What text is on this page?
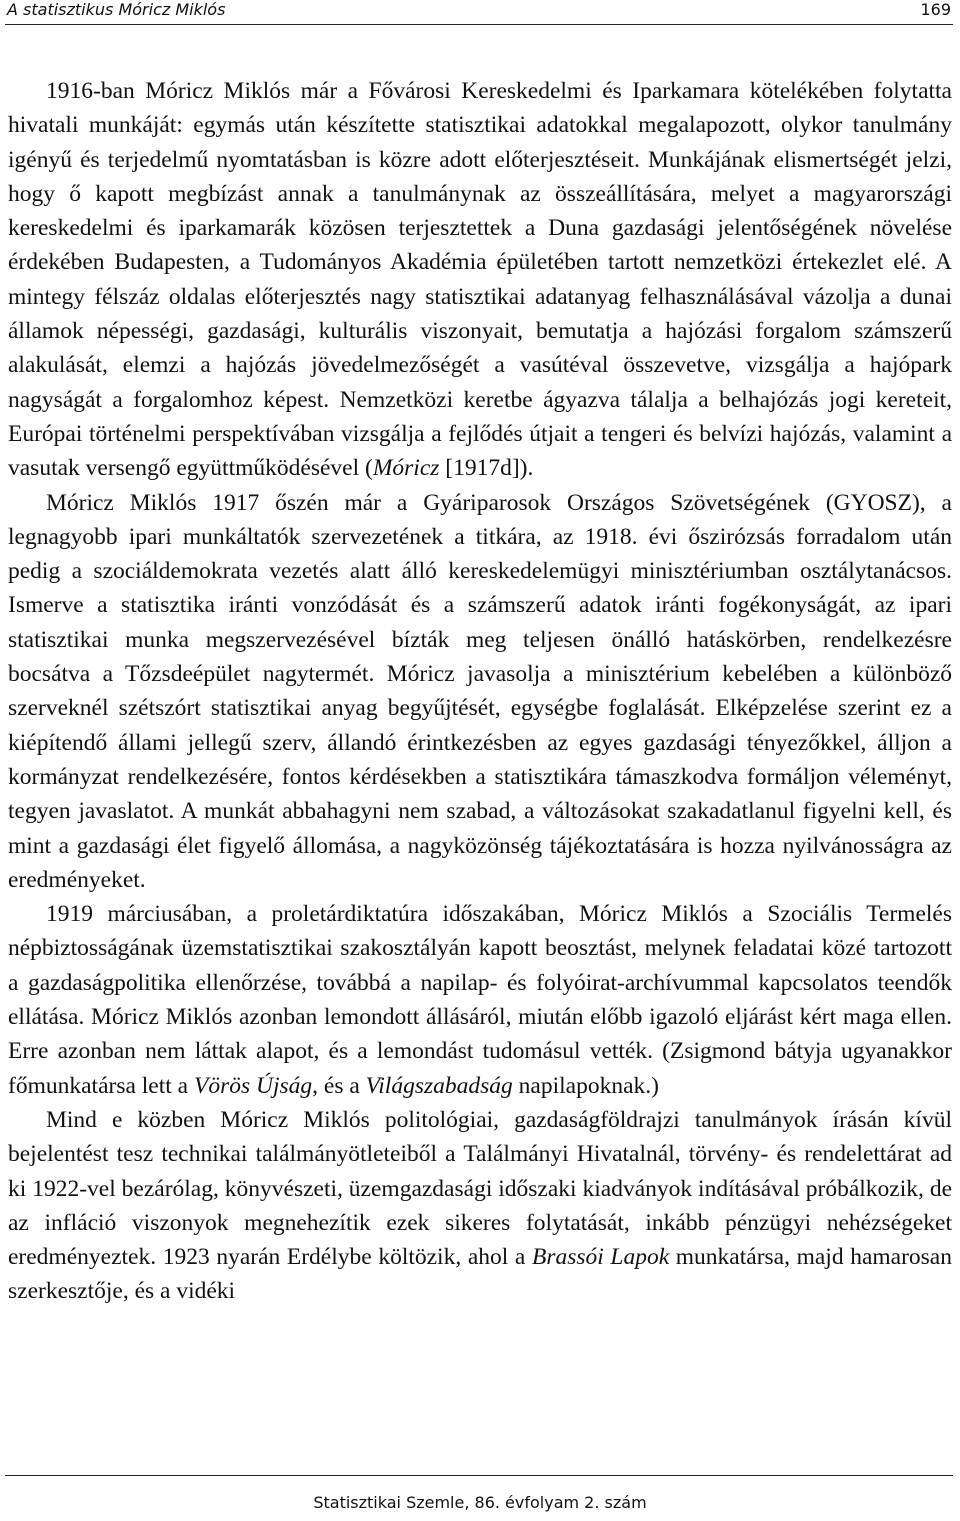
A statisztikus Móricz Miklós	169

1916-ban Móricz Miklós már a Fővárosi Kereskedelmi és Iparkamara kötelékében folytatta hivatali munkáját: egymás után készítette statisztikai adatokkal megalapozott, olykor tanulmány igényű és terjedelmű nyomtatásban is közre adott előterjesztéseit. Munkájának elismertségét jelzi, hogy ő kapott megbízást annak a tanulmánynak az összeállítására, melyet a magyarországi kereskedelmi és iparkamarák közösen terjesztettek a Duna gazdasági jelentőségének növelése érdekében Budapesten, a Tudományos Akadémia épületében tartott nemzetközi értekezlet elé. A mintegy félszáz oldalas előterjesztés nagy statisztikai adatanyag felhasználásával vázolja a dunai államok népességi, gazdasági, kulturális viszonyait, bemutatja a hajózási forgalom számszerű alakulását, elemzi a hajózás jövedelmezőségét a vasútéval összevetve, vizsgálja a hajópark nagyságát a forgalomhoz képest. Nemzetközi keretbe ágyazva tálalja a belhajózás jogi kereteit, Európai történelmi perspektívában vizsgálja a fejlődés útjait a tengeri és belvízi hajózás, valamint a vasutak versengő együttműködésével (Móricz [1917d]).

Móricz Miklós 1917 őszén már a Gyáriparosok Országos Szövetségének (GYOSZ), a legnagyobb ipari munkáltatók szervezetének a titkára, az 1918. évi őszirózsás forradalom után pedig a szociáldemokrata vezetés alatt álló kereskedelemügyi minisztériumban osztálytanácsos. Ismerve a statisztika iránti vonzódását és a számszerű adatok iránti fogékonyságát, az ipari statisztikai munka megszervezésével bízták meg teljesen önálló hatáskörben, rendelkezésre bocsátva a Tőzsdeépület nagytermét. Móricz javasolja a minisztérium kebelében a különböző szerveknél szétszórt statisztikai anyag begyűjtését, egységbe foglalását. Elképzelése szerint ez a kiépítendő állami jellegű szerv, állandó érintkezésben az egyes gazdasági tényezőkkel, álljon a kormányzat rendelkezésére, fontos kérdésekben a statisztikára támaszkodva formáljon véleményt, tegyen javaslatot. A munkát abbahagyni nem szabad, a változásokat szakadatlanul figyelni kell, és mint a gazdasági élet figyelő állomása, a nagyközönség tájékoztatására is hozza nyilvánosságra az eredményeket.

1919 márciusában, a proletárdiktatúra időszakában, Móricz Miklós a Szociális Termelés népbiztosságának üzemstatisztikai szakosztályán kapott beosztást, melynek feladatai közé tartozott a gazdaságpolitika ellenőrzése, továbbá a napilap- és folyóirat-archívummal kapcsolatos teendők ellátása. Móricz Miklós azonban lemondott állásáról, miután előbb igazoló eljárást kért maga ellen. Erre azonban nem láttak alapot, és a lemondást tudomásul vették. (Zsigmond bátyja ugyanakkor főmunkatársa lett a Vörös Újság, és a Világszabadság napilapoknak.)

Mind e közben Móricz Miklós politológiai, gazdaságföldrajzi tanulmányok írásán kívül bejelentést tesz technikai találmányötleteiből a Találmányi Hivatalnál, törvény- és rendelettárat ad ki 1922-vel bezárólag, könyvészeti, üzemgazdasági időszaki kiadványok indításával próbálkozik, de az infláció viszonyok megnehezítik ezek sikeres folytatását, inkább pénzügyi nehézségeket eredményeztek. 1923 nyarán Erdélybe költözik, ahol a Brassói Lapok munkatársa, majd hamarosan szerkesztője, és a vidéki

Statisztikai Szemle, 86. évfolyam 2. szám
